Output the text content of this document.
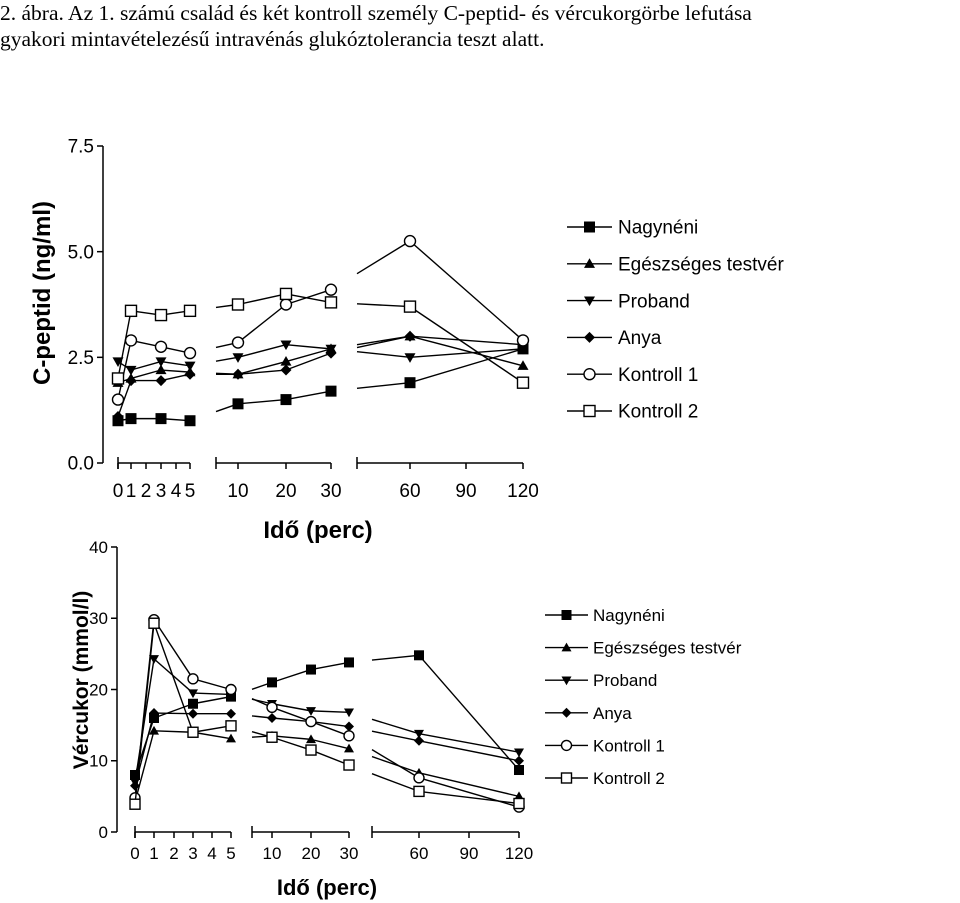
2. ábra. Az 1. számú család és két kontroll személy C-peptid- és vércukorgörbe lefutása
gyakori mintavételezésű intravénás glukóztolerancia teszt alatt.
0.0
2.5
5.0
7.5
0 1 2 3 4 5 10 20 30	60 90 120
Idő (perc)
C-peptid (ng/ml)	Nagynéni
Egészséges testvér
Proband
Anya
Kontroll 1
Kontroll 2
0
10
20
30
40
0 1 2 3 4 5 10 20 30	60 90 120
Idő (perc)
Vércukor (mmol/l)	Nagynéni
Egészséges testvér
Proband
Anya
Kontroll 1
Kontroll 2
